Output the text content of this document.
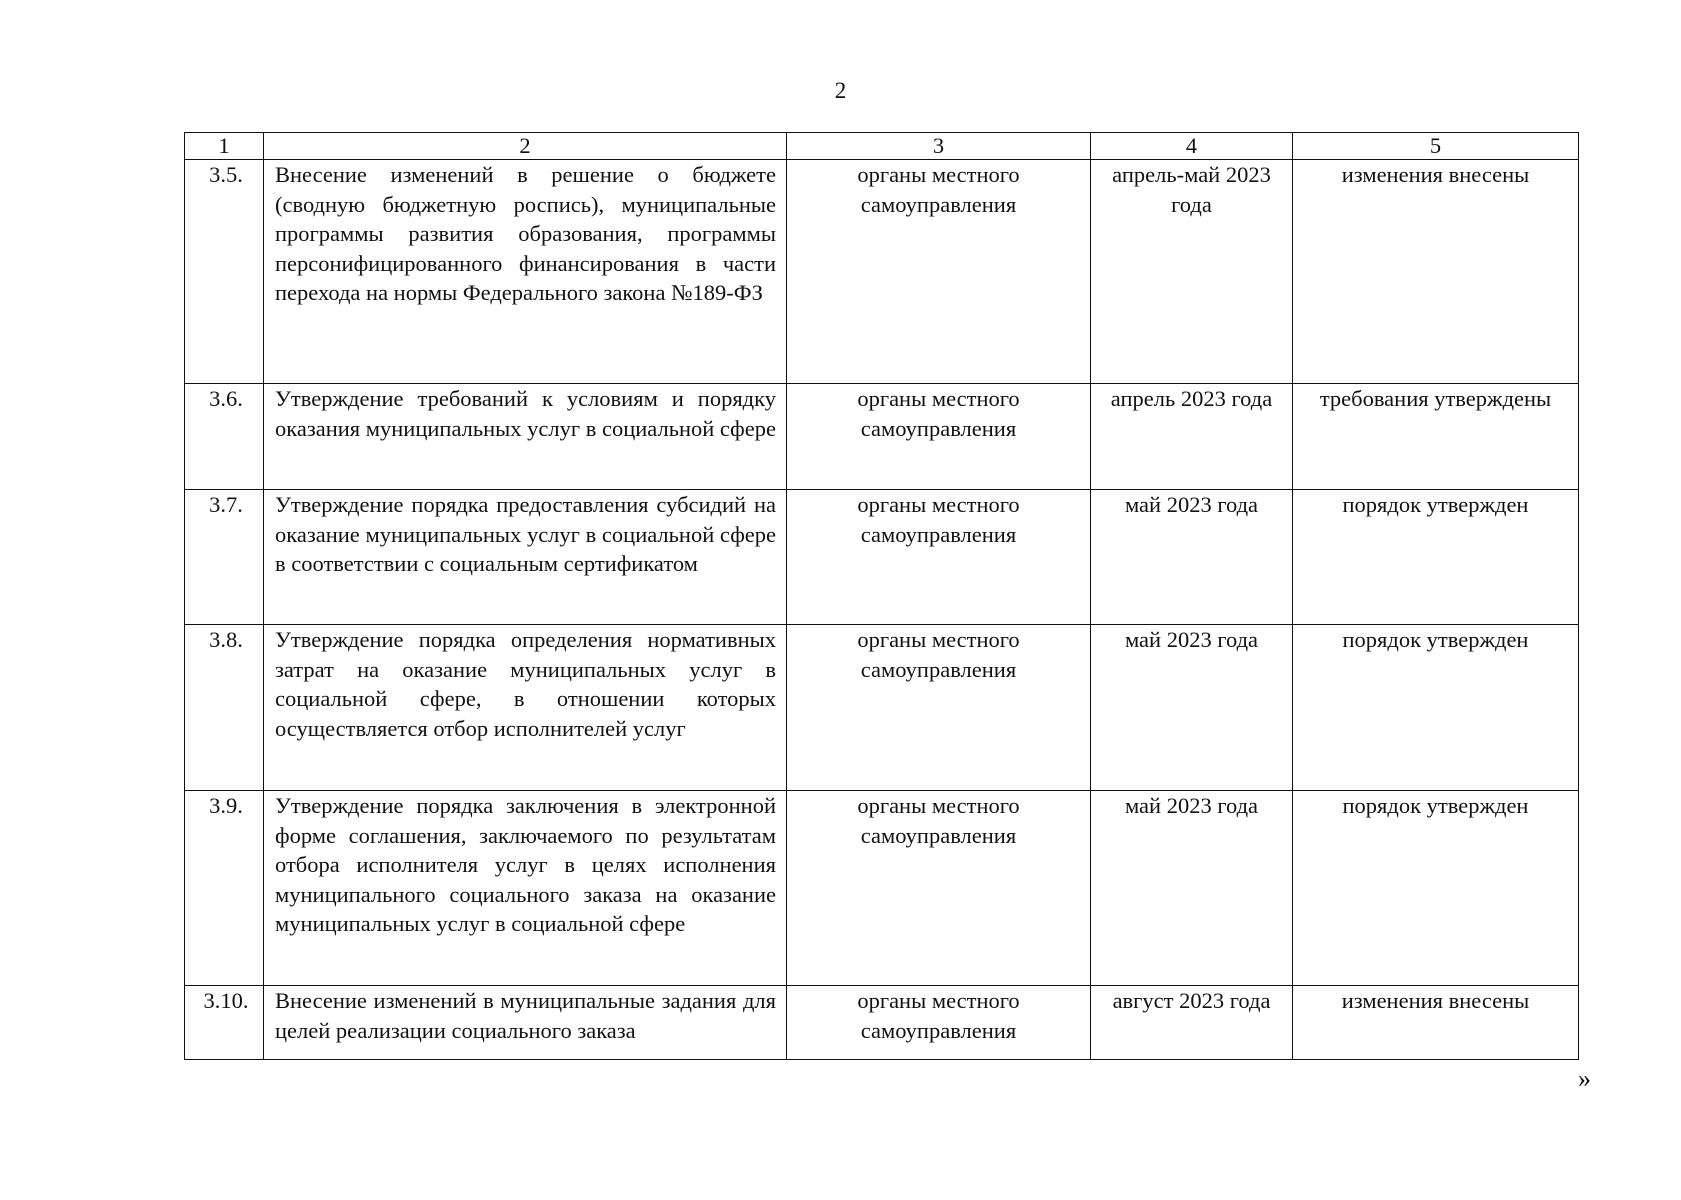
2
1	2	3	4	5
3.5.	Внесение изменений в решение о бюджете (сводную бюджетную роспись), муниципальные программы развития образования, программы персонифицированного финансирования в части перехода на нормы Федерального закона №189-ФЗ	органы местного самоуправления	апрель-май 2023 года	изменения внесены
3.6.	Утверждение требований к условиям и порядку оказания муниципальных услуг в социальной сфере	органы местного самоуправления	апрель 2023 года	требования утверждены
3.7.	Утверждение порядка предоставления субсидий на оказание муниципальных услуг в социальной сфере в соответствии с социальным сертификатом	органы местного самоуправления	май 2023 года	порядок утвержден
3.8.	Утверждение порядка определения нормативных затрат на оказание муниципальных услуг в социальной сфере, в отношении которых осуществляется отбор исполнителей услуг	органы местного самоуправления	май 2023 года	порядок утвержден
3.9.	Утверждение порядка заключения в электронной форме соглашения, заключаемого по результатам отбора исполнителя услуг в целях исполнения муниципального социального заказа на оказание муниципальных услуг в социальной сфере	органы местного самоуправления	май 2023 года	порядок утвержден
3.10.	Внесение изменений в муниципальные задания для целей реализации социального заказа	органы местного самоуправления	август 2023 года	изменения внесены
»
